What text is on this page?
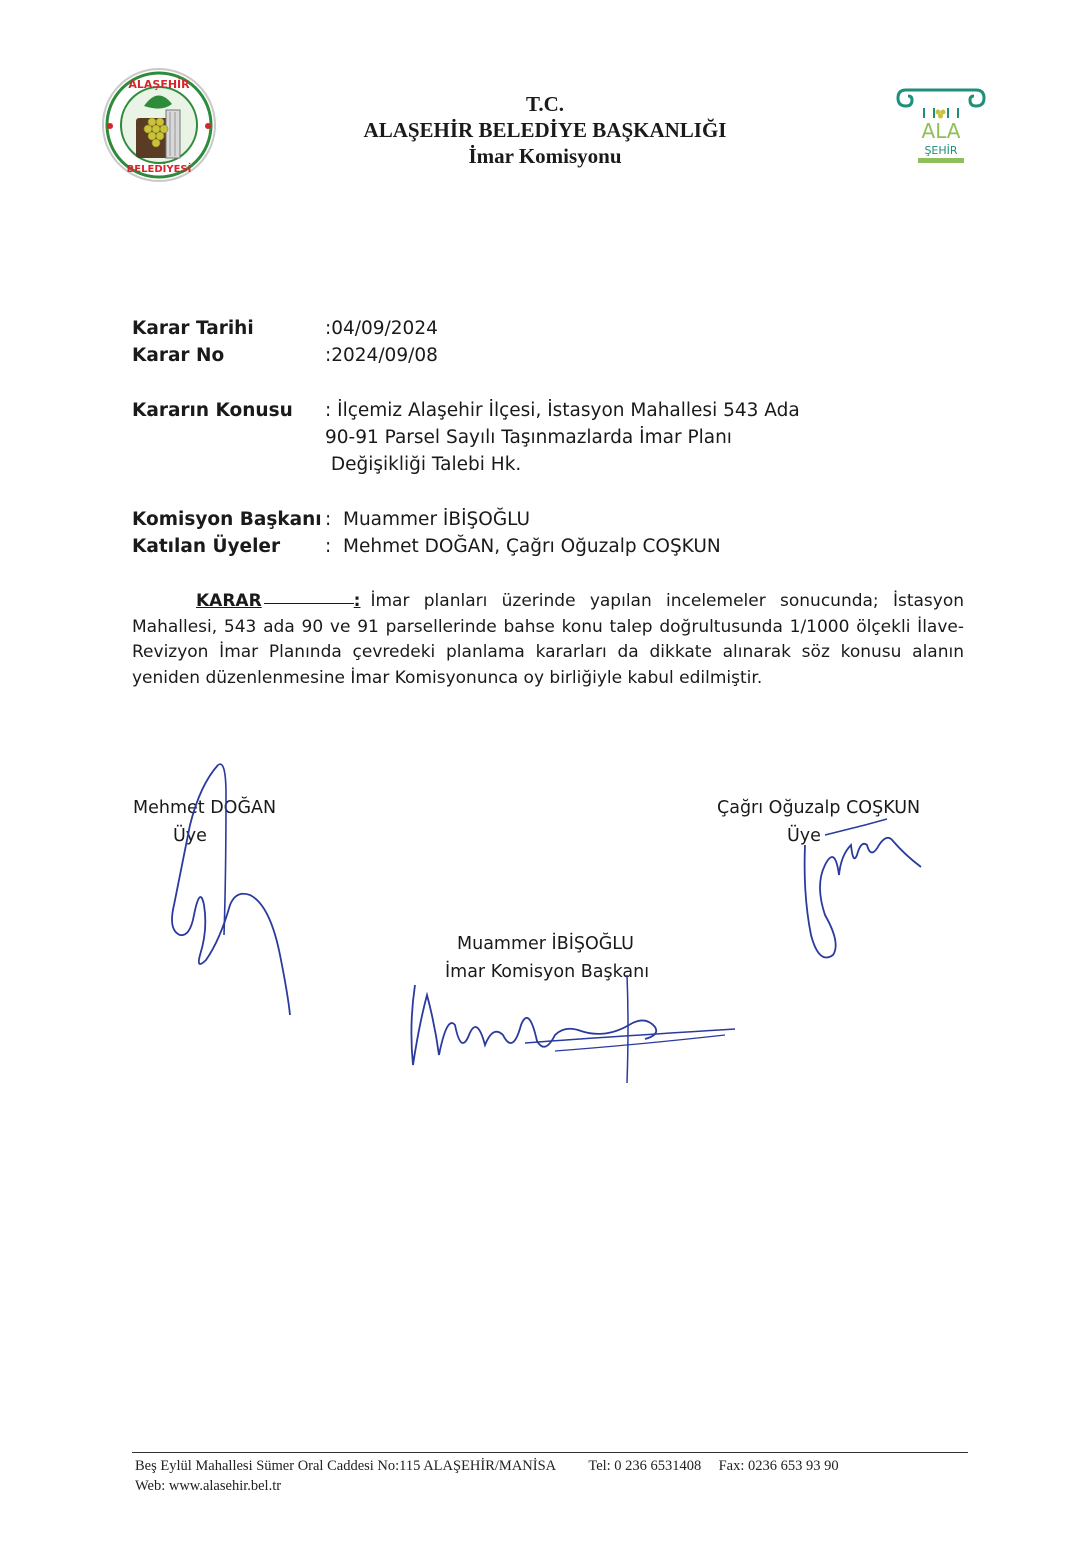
ALAŞEHİR
BELEDİYESİ
T.C.
ALAŞEHİR BELEDİYE BAŞKANLIĞI
İmar Komisyonu
ALA
ŞEHİR
Karar Tarihi	:04/09/2024
Karar No	:2024/09/08
Kararın Konusu : İlçemiz Alaşehir İlçesi, İstasyon Mahallesi 543 Ada
90-91 Parsel Sayılı Taşınmazlarda İmar Planı
Değişikliği Talebi Hk.
Komisyon Başkanı :  Muammer İBİŞOĞLU
Katılan Üyeler :  Mehmet DOĞAN, Çağrı Oğuzalp COŞKUN
KARAR	: İmar planları üzerinde yapılan incelemeler sonucunda; İstasyon Mahallesi, 543 ada 90 ve 91 parsellerinde bahse konu talep doğrultusunda 1/1000 ölçekli İlave-Revizyon İmar Planında çevredeki planlama kararları da dikkate alınarak söz konusu alanın yeniden düzenlenmesine İmar Komisyonunca oy birliğiyle kabul edilmiştir.
Mehmet DOĞAN
Üye
Çağrı Oğuzalp COŞKUN
Üye
Muammer İBİŞOĞLU
İmar Komisyon Başkanı
Beş Eylül Mahallesi Sümer Oral Caddesi No:115 ALAŞEHİR/MANİSA Tel: 0 236 6531408 Fax: 0236 653 93 90
Web: www.alasehir.bel.tr
